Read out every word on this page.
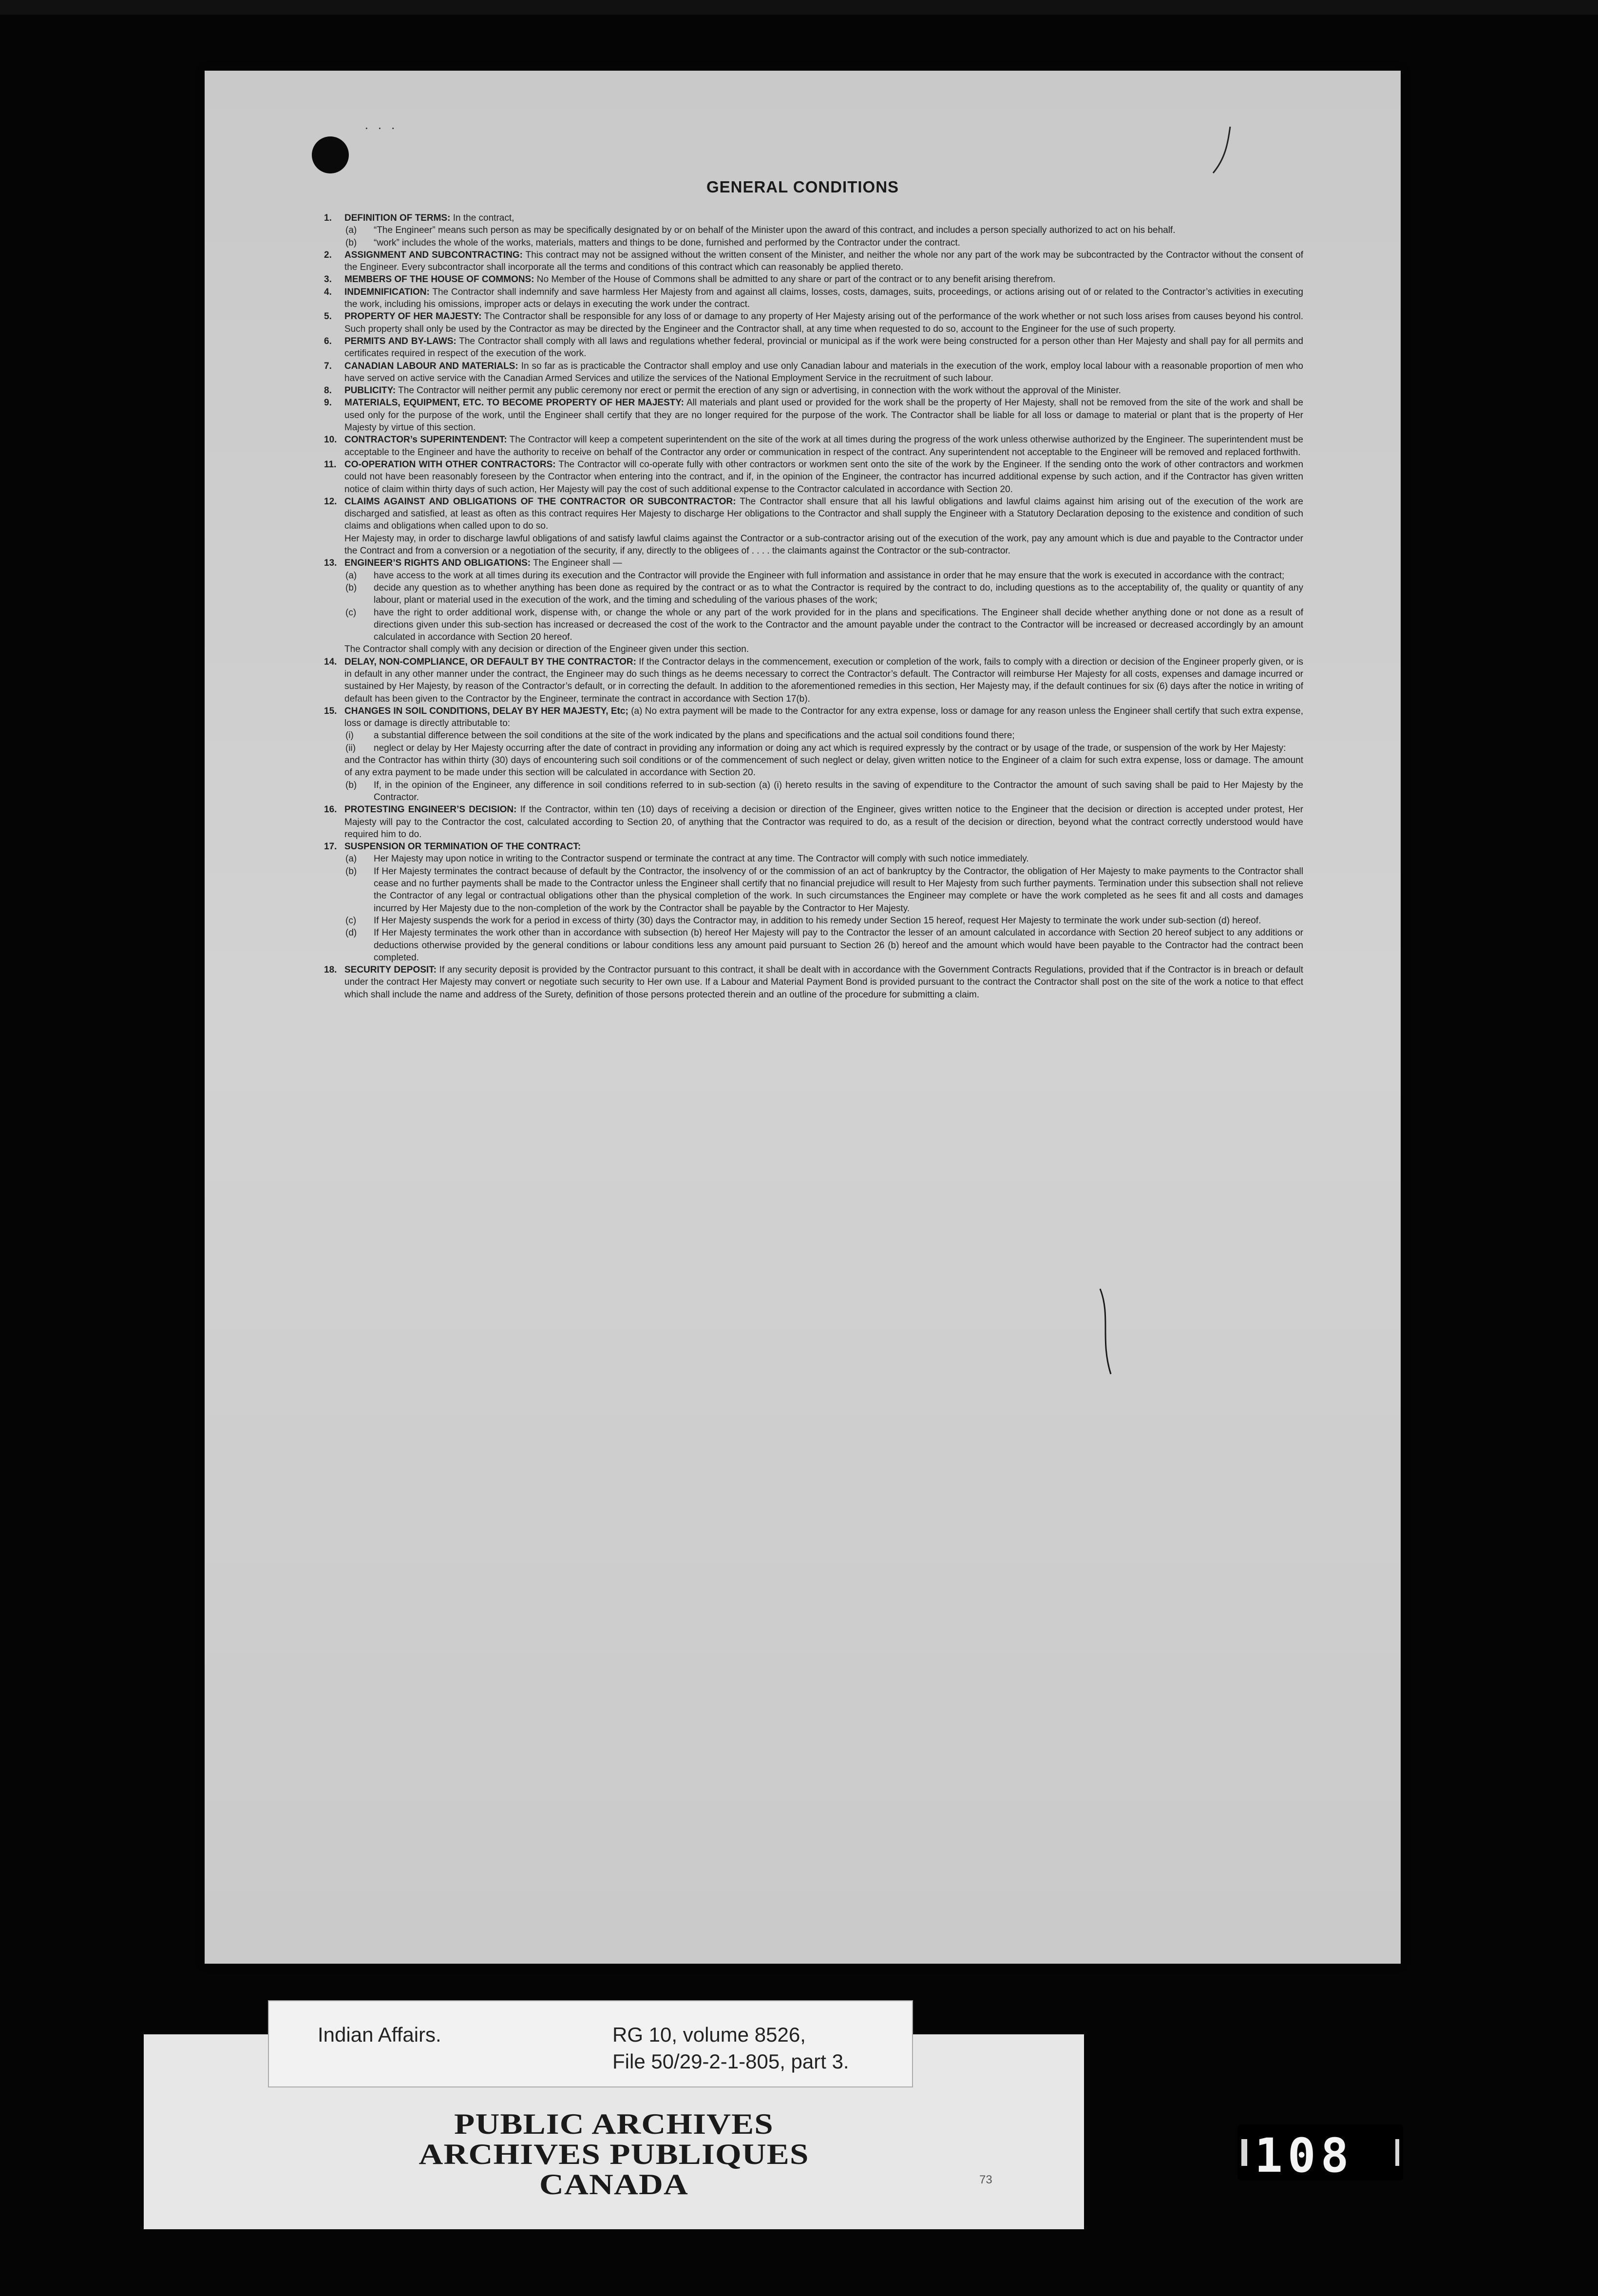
· · ·
GENERAL CONDITIONS

1. DEFINITION OF TERMS: In the contract,

(a) “The Engineer” means such person as may be specifically designated by or on behalf of the Minister upon the award of this contract, and includes a person specially authorized to act on his behalf.

(b) “work” includes the whole of the works, materials, matters and things to be done, furnished and performed by the Contractor under the contract.

2. ASSIGNMENT AND SUBCONTRACTING: This contract may not be assigned without the written consent of the Minister, and neither the whole nor any part of the work may be subcontracted by the Contractor without the consent of the Engineer. Every subcontractor shall incorporate all the terms and conditions of this contract which can reasonably be applied thereto.

3. MEMBERS OF THE HOUSE OF COMMONS: No Member of the House of Commons shall be admitted to any share or part of the contract or to any benefit arising therefrom.

4. INDEMNIFICATION: The Contractor shall indemnify and save harmless Her Majesty from and against all claims, losses, costs, damages, suits, proceedings, or actions arising out of or related to the Contractor’s activities in executing the work, including his omissions, improper acts or delays in executing the work under the contract.

5. PROPERTY OF HER MAJESTY: The Contractor shall be responsible for any loss of or damage to any property of Her Majesty arising out of the performance of the work whether or not such loss arises from causes beyond his control. Such property shall only be used by the Contractor as may be directed by the Engineer and the Contractor shall, at any time when requested to do so, account to the Engineer for the use of such property.

6. PERMITS AND BY-LAWS: The Contractor shall comply with all laws and regulations whether federal, provincial or municipal as if the work were being constructed for a person other than Her Majesty and shall pay for all permits and certificates required in respect of the execution of the work.

7. CANADIAN LABOUR AND MATERIALS: In so far as is practicable the Contractor shall employ and use only Canadian labour and materials in the execution of the work, employ local labour with a reasonable proportion of men who have served on active service with the Canadian Armed Services and utilize the services of the National Employment Service in the recruitment of such labour.

8. PUBLICITY: The Contractor will neither permit any public ceremony nor erect or permit the erection of any sign or advertising, in connection with the work without the approval of the Minister.

9. MATERIALS, EQUIPMENT, ETC. TO BECOME PROPERTY OF HER MAJESTY: All materials and plant used or provided for the work shall be the property of Her Majesty, shall not be removed from the site of the work and shall be used only for the purpose of the work, until the Engineer shall certify that they are no longer required for the purpose of the work. The Contractor shall be liable for all loss or damage to material or plant that is the property of Her Majesty by virtue of this section.

10. CONTRACTOR’s SUPERINTENDENT: The Contractor will keep a competent superintendent on the site of the work at all times during the progress of the work unless otherwise authorized by the Engineer. The superintendent must be acceptable to the Engineer and have the authority to receive on behalf of the Contractor any order or communication in respect of the contract. Any superintendent not acceptable to the Engineer will be removed and replaced forthwith.

11. CO-OPERATION WITH OTHER CONTRACTORS: The Contractor will co-operate fully with other contractors or workmen sent onto the site of the work by the Engineer. If the sending onto the work of other contractors and workmen could not have been reasonably foreseen by the Contractor when entering into the contract, and if, in the opinion of the Engineer, the contractor has incurred additional expense by such action, and if the Contractor has given written notice of claim within thirty days of such action, Her Majesty will pay the cost of such additional expense to the Contractor calculated in accordance with Section 20.

12. CLAIMS AGAINST AND OBLIGATIONS OF THE CONTRACTOR OR SUBCONTRACTOR: The Contractor shall ensure that all his lawful obligations and lawful claims against him arising out of the execution of the work are discharged and satisfied, at least as often as this contract requires Her Majesty to discharge Her obligations to the Contractor and shall supply the Engineer with a Statutory Declaration deposing to the existence and condition of such claims and obligations when called upon to do so.

Her Majesty may, in order to discharge lawful obligations of and satisfy lawful claims against the Contractor or a sub-contractor arising out of the execution of the work, pay any amount which is due and payable to the Contractor under the Contract and from a conversion or a negotiation of the security, if any, directly to the obligees of . . . . the claimants against the Contractor or the sub-contractor.

13. ENGINEER’S RIGHTS AND OBLIGATIONS: The Engineer shall —

(a) have access to the work at all times during its execution and the Contractor will provide the Engineer with full information and assistance in order that he may ensure that the work is executed in accordance with the contract;

(b) decide any question as to whether anything has been done as required by the contract or as to what the Contractor is required by the contract to do, including questions as to the acceptability of, the quality or quantity of any labour, plant or material used in the execution of the work, and the timing and scheduling of the various phases of the work;

(c) have the right to order additional work, dispense with, or change the whole or any part of the work provided for in the plans and specifications. The Engineer shall decide whether anything done or not done as a result of directions given under this sub-section has increased or decreased the cost of the work to the Contractor and the amount payable under the contract to the Contractor will be increased or decreased accordingly by an amount calculated in accordance with Section 20 hereof.

The Contractor shall comply with any decision or direction of the Engineer given under this section.

14. DELAY, NON-COMPLIANCE, OR DEFAULT BY THE CONTRACTOR: If the Contractor delays in the commencement, execution or completion of the work, fails to comply with a direction or decision of the Engineer properly given, or is in default in any other manner under the contract, the Engineer may do such things as he deems necessary to correct the Contractor’s default. The Contractor will reimburse Her Majesty for all costs, expenses and damage incurred or sustained by Her Majesty, by reason of the Contractor’s default, or in correcting the default. In addition to the aforementioned remedies in this section, Her Majesty may, if the default continues for six (6) days after the notice in writing of default has been given to the Contractor by the Engineer, terminate the contract in accordance with Section 17(b).

15. CHANGES IN SOIL CONDITIONS, DELAY BY HER MAJESTY, Etc; (a) No extra payment will be made to the Contractor for any extra expense, loss or damage for any reason unless the Engineer shall certify that such extra expense, loss or damage is directly attributable to:

(i) a substantial difference between the soil conditions at the site of the work indicated by the plans and specifications and the actual soil conditions found there;

(ii) neglect or delay by Her Majesty occurring after the date of contract in providing any information or doing any act which is required expressly by the contract or by usage of the trade, or suspension of the work by Her Majesty:

and the Contractor has within thirty (30) days of encountering such soil conditions or of the commencement of such neglect or delay, given written notice to the Engineer of a claim for such extra expense, loss or damage. The amount of any extra payment to be made under this section will be calculated in accordance with Section 20.

(b) If, in the opinion of the Engineer, any difference in soil conditions referred to in sub-section (a) (i) hereto results in the saving of expenditure to the Contractor the amount of such saving shall be paid to Her Majesty by the Contractor.

16. PROTESTING ENGINEER’S DECISION: If the Contractor, within ten (10) days of receiving a decision or direction of the Engineer, gives written notice to the Engineer that the decision or direction is accepted under protest, Her Majesty will pay to the Contractor the cost, calculated according to Section 20, of anything that the Contractor was required to do, as a result of the decision or direction, beyond what the contract correctly understood would have required him to do.

17. SUSPENSION OR TERMINATION OF THE CONTRACT:

(a) Her Majesty may upon notice in writing to the Contractor suspend or terminate the contract at any time. The Contractor will comply with such notice immediately.

(b) If Her Majesty terminates the contract because of default by the Contractor, the insolvency of or the commission of an act of bankruptcy by the Contractor, the obligation of Her Majesty to make payments to the Contractor shall cease and no further payments shall be made to the Contractor unless the Engineer shall certify that no financial prejudice will result to Her Majesty from such further payments. Termination under this subsection shall not relieve the Contractor of any legal or contractual obligations other than the physical completion of the work. In such circumstances the Engineer may complete or have the work completed as he sees fit and all costs and damages incurred by Her Majesty due to the non-completion of the work by the Contractor shall be payable by the Contractor to Her Majesty.

(c) If Her Majesty suspends the work for a period in excess of thirty (30) days the Contractor may, in addition to his remedy under Section 15 hereof, request Her Majesty to terminate the work under sub-section (d) hereof.

(d) If Her Majesty terminates the work other than in accordance with subsection (b) hereof Her Majesty will pay to the Contractor the lesser of an amount calculated in accordance with Section 20 hereof subject to any additions or deductions otherwise provided by the general conditions or labour conditions less any amount paid pursuant to Section 26 (b) hereof and the amount which would have been payable to the Contractor had the contract been completed.

18. SECURITY DEPOSIT: If any security deposit is provided by the Contractor pursuant to this contract, it shall be dealt with in accordance with the Government Contracts Regulations, provided that if the Contractor is in breach or default under the contract Her Majesty may convert or negotiate such security to Her own use. If a Labour and Material Payment Bond is provided pursuant to the contract the Contractor shall post on the site of the work a notice to that effect which shall include the name and address of the Surety, definition of those persons protected therein and an outline of the procedure for submitting a claim.

Indian Affairs.	RG 10, volume 8526,
File 50/29-2-1-805, part 3.
PUBLIC ARCHIVES
ARCHIVES PUBLIQUES
CANADA	73	108
